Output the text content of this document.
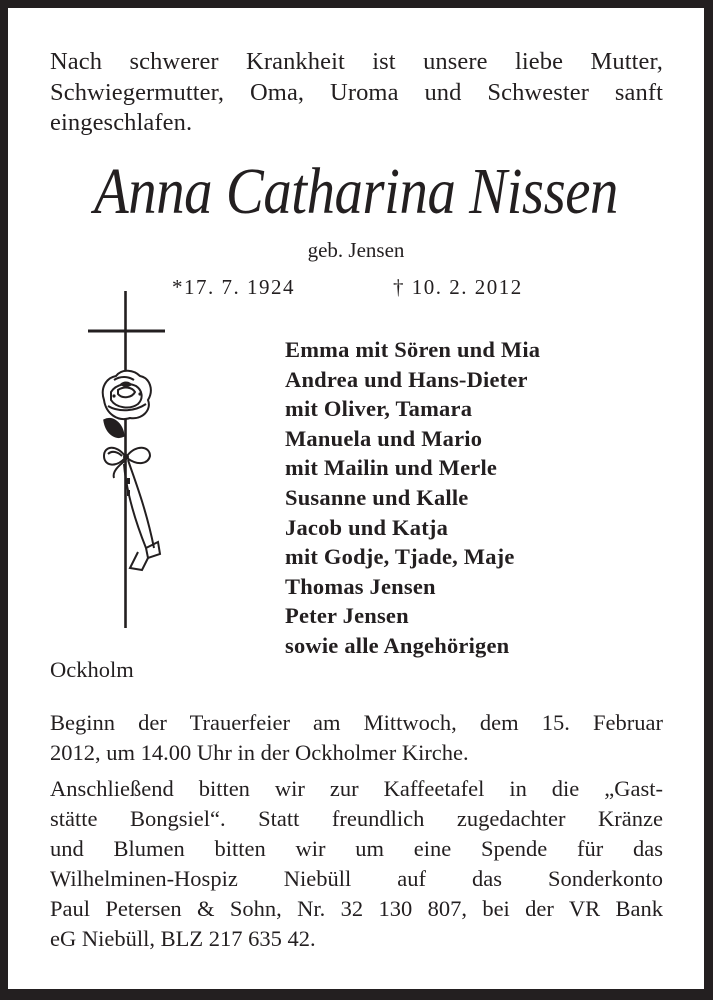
Nach schwerer Krankheit ist unsere liebe Mutter,
Schwiegermutter, Oma, Uroma und Schwester sanft
eingeschlafen.
Anna Catharina Nissen
geb. Jensen
*17. 7. 1924	† 10. 2. 2012
Emma mit Sören und Mia
Andrea und Hans-Dieter
mit Oliver, Tamara
Manuela und Mario
mit Mailin und Merle
Susanne und Kalle
Jacob und Katja
mit Godje, Tjade, Maje
Thomas Jensen
Peter Jensen
sowie alle Angehörigen
Ockholm
Beginn der Trauerfeier am Mittwoch, dem 15. Februar
2012, um 14.00 Uhr in der Ockholmer Kirche.
Anschließend bitten wir zur Kaffeetafel in die „Gast-
stätte Bongsiel“. Statt freundlich zugedachter Kränze
und Blumen bitten wir um eine Spende für das
Wilhelminen-Hospiz Niebüll auf das Sonderkonto
Paul Petersen & Sohn, Nr. 32 130 807, bei der VR Bank
eG Niebüll, BLZ 217 635 42.
